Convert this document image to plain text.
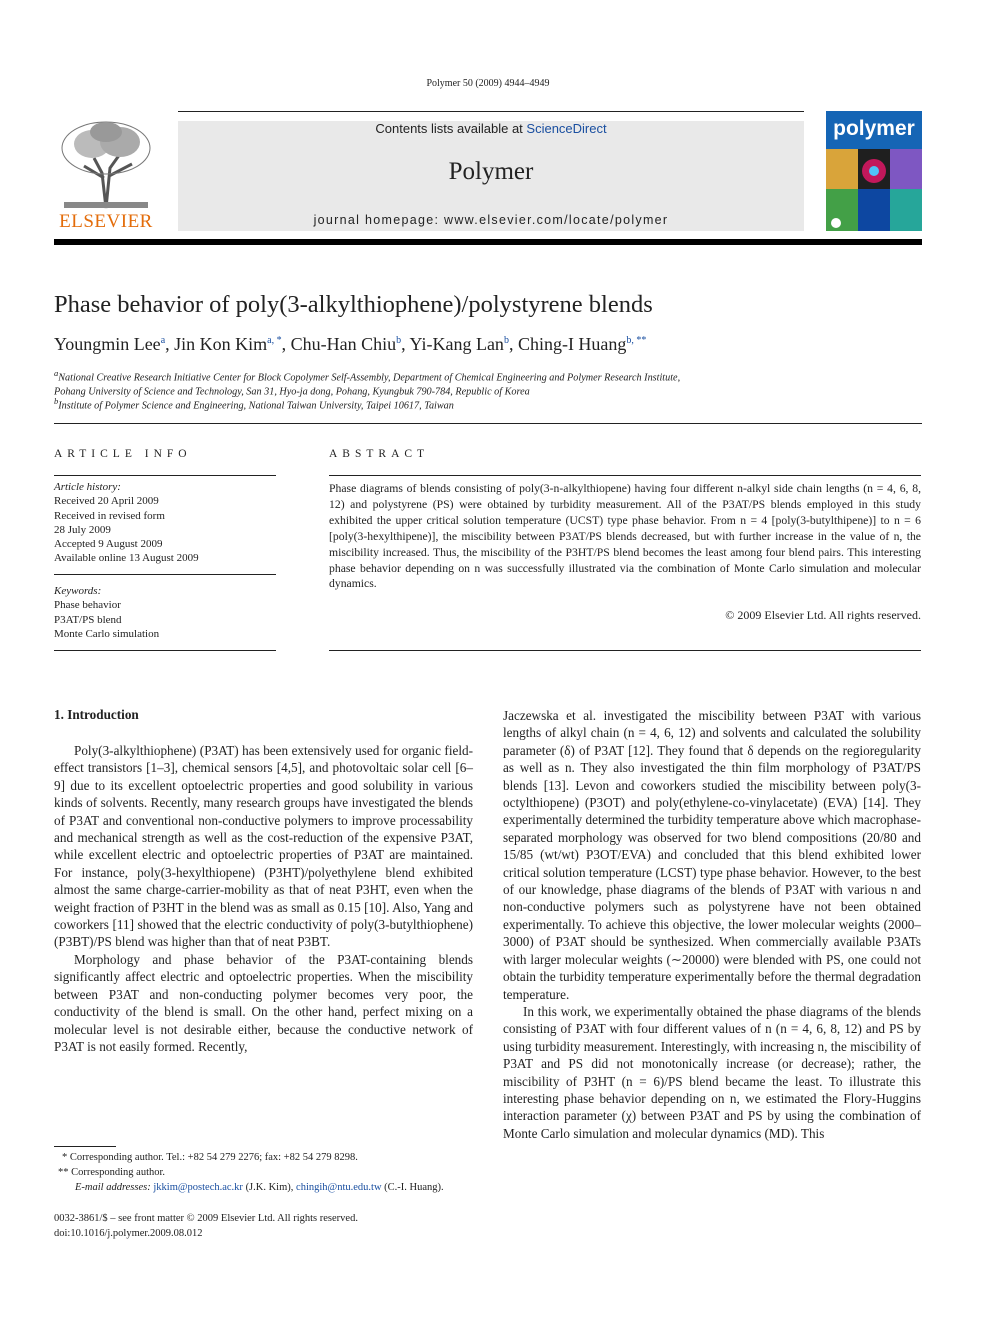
Polymer 50 (2009) 4944–4949
ELSEVIER
Contents lists available at ScienceDirect
Polymer
journal homepage: www.elsevier.com/locate/polymer
polymer
Phase behavior of poly(3-alkylthiophene)/polystyrene blends
Youngmin Lee$^a$, Jin Kon Kim$^{a, *}$, Chu-Han Chiu$^b$, Yi-Kang Lan$^b$, Ching-I Huang$^{b, **}$
$^a$National Creative Research Initiative Center for Block Copolymer Self-Assembly, Department of Chemical Engineering and Polymer Research Institute,
Pohang University of Science and Technology, San 31, Hyo-ja dong, Pohang, Kyungbuk 790-784, Republic of Korea
$^b$Institute of Polymer Science and Engineering, National Taiwan University, Taipei 10617, Taiwan
ARTICLE INFO
Article history:
Received 20 April 2009
Received in revised form
28 July 2009
Accepted 9 August 2009
Available online 13 August 2009
Keywords:
Phase behavior
P3AT/PS blend
Monte Carlo simulation
ABSTRACT
Phase diagrams of blends consisting of poly(3-n-alkylthiopene) having four different n-alkyl side chain lengths (n = 4, 6, 8, 12) and polystyrene (PS) were obtained by turbidity measurement. All of the P3AT/PS blends employed in this study exhibited the upper critical solution temperature (UCST) type phase behavior. From n = 4 [poly(3-butylthipene)] to n = 6 [poly(3-hexylthipene)], the miscibility between P3AT/PS blends decreased, but with further increase in the value of n, the miscibility increased. Thus, the miscibility of the P3HT/PS blend becomes the least among four blend pairs. This interesting phase behavior depending on n was successfully illustrated via the combination of Monte Carlo simulation and molecular dynamics.
© 2009 Elsevier Ltd. All rights reserved.
1. Introduction

Poly(3-alkylthiophene) (P3AT) has been extensively used for organic field-effect transistors [1–3], chemical sensors [4,5], and photovoltaic solar cell [6–9] due to its excellent optoelectric properties and good solubility in various kinds of solvents. Recently, many research groups have investigated the blends of P3AT and conventional non-conductive polymers to improve processability and mechanical strength as well as the cost-reduction of the expensive P3AT, while excellent electric and optoelectric properties of P3AT are maintained. For instance, poly(3-hexylthiopene) (P3HT)/polyethylene blend exhibited almost the same charge-carrier-mobility as that of neat P3HT, even when the weight fraction of P3HT in the blend was as small as 0.15 [10]. Also, Yang and coworkers [11] showed that the electric conductivity of poly(3-butylthiophene) (P3BT)/PS blend was higher than that of neat P3BT.

Morphology and phase behavior of the P3AT-containing blends significantly affect electric and optoelectric properties. When the miscibility between P3AT and non-conducting polymer becomes very poor, the conductivity of the blend is small. On the other hand, perfect mixing on a molecular level is not desirable either, because the conductive network of P3AT is not easily formed. Recently,

Jaczewska et al. investigated the miscibility between P3AT with various lengths of alkyl chain (n = 4, 6, 12) and solvents and calculated the solubility parameter (δ) of P3AT [12]. They found that δ depends on the regioregularity as well as n. They also investigated the thin film morphology of P3AT/PS blends [13]. Levon and coworkers studied the miscibility between poly(3-octylthiopene) (P3OT) and poly(ethylene-co-vinylacetate) (EVA) [14]. They experimentally determined the turbidity temperature above which macrophase-separated morphology was observed for two blend compositions (20/80 and 15/85 (wt/wt) P3OT/EVA) and concluded that this blend exhibited lower critical solution temperature (LCST) type phase behavior. However, to the best of our knowledge, phase diagrams of the blends of P3AT with various n and non-conductive polymers such as polystyrene have not been obtained experimentally. To achieve this objective, the lower molecular weights (2000–3000) of P3AT should be synthesized. When commercially available P3ATs with larger molecular weights (∼20000) were blended with PS, one could not obtain the turbidity temperature experimentally before the thermal degradation temperature.

In this work, we experimentally obtained the phase diagrams of the blends consisting of P3AT with four different values of n (n = 4, 6, 8, 12) and PS by using turbidity measurement. Interestingly, with increasing n, the miscibility of P3AT and PS did not monotonically increase (or decrease); rather, the miscibility of P3HT (n = 6)/PS blend became the least. To illustrate this interesting phase behavior depending on n, we estimated the Flory-Huggins interaction parameter (χ) between P3AT and PS by using the combination of Monte Carlo simulation and molecular dynamics (MD). This

* Corresponding author. Tel.: +82 54 279 2276; fax: +82 54 279 8298.
** Corresponding author.
E-mail addresses: jkkim@postech.ac.kr (J.K. Kim), chingih@ntu.edu.tw (C.-I. Huang).
0032-3861/$ – see front matter © 2009 Elsevier Ltd. All rights reserved.
doi:10.1016/j.polymer.2009.08.012
